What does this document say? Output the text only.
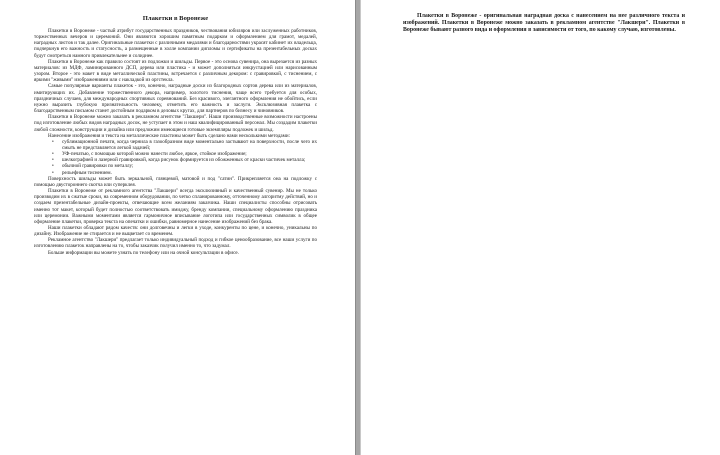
Плакетки в Воронеже

Плакетки в Воронеже - частый атрибут государственных праздников, чествования юбиляров или заслуженных работников, торжественных вечеров и церемоний. Они являются хорошим памятным подарком и оформлением для грамот, медалей, наградных листов и так далее. Оригинальные плакетки с различными медалями и благодарностями украсят кабинет их владельца, подчеркнув его важность и статусность, а размещенные в холле компании дипломы и сертификаты на презентабельных досках будут смотреться намного привлекательнее и солиднее.

Плакетки в Воронеже как правило состоят из подложки и шильды. Первое - это основа сувенира, она вырезается из разных материалов: из МДФ, ламинированного ДСП, дерева или пластика - и может дополняться инкрустацией или нарисованным узором. Второе - это макет в виде металлической пластины, встречается с различным декором: с гравировкой, с тиснением, с яркими "живыми" изображениями или с накладкой из оргстекла.

Самые популярные варианты плакеток - это, конечно, наградные доски из благородных сортов дерева или из материалов, имитирующих их. Добавление торжественного декора, например, золотого тиснения, чаще всего требуется для особых, праздничных случаев, для международных спортивных соревнований. Без красивого, элегантного оформления не обойтись, если нужно выразить глубокую признательность человеку, отметить его важность и заслуги. Эксклюзивная плакетка с благодарственным письмом станет достойным подарком в деловых кругах, для партнеров по бизнесу и чиновников.

Плакетки в Воронеже можно заказать в рекламном агентстве "Лакшери". Наши производственные возможности настроены под изготовление любых видов наградных досок, не уступает в этом и наш квалифицированный персонал. Мы создадим плакетки любой сложности, конструкции и дизайна или предложим имеющиеся готовые экземпляры подложек и шильд.

Нанесение изображения и текста на металлические пластины может быть сделано нами несколькими методами:

• сублимационной печати, когда чернила в газообразном виде моментально застывают на поверхности, после чего их смыть не представляется легкой задачей;
• УФ-печатью, с помощью которой можно нанести любое, яркое, стойкое изображение;
• шелкографией и лазерной гравировкой, когда рисунок формируется из обожженных от краски частичек металла;
• обычной гравировки по металлу;
• рельефным тиснением.

Поверхность шильды может быть зеркальной, глянцевой, матовой и под "сатин". Прикрепляется она на подложку с помощью двустороннего скотча или суперклея.

Плакетки в Воронеже от рекламного агентства "Лакшери" всегда эксклюзивный и качественный сувенир. Мы не только производим их в сжатые сроки, на современном оборудовании, по четко спланированному, отточенному алгоритму действий, но и создаем презентабельные дизайн-проекты, отвечающие всем желаниям заказчика. Наши специалисты способны отрисовать именно тот макет, который будет полностью соответствовать имиджу, бренду компании, специальному оформлению праздника или церемонии. Важными моментами является гармоничное вписывание логотипа или государственных символик в общее оформление плакетки, проверка текста на опечатки и ошибки, равномерное нанесение изображений без брака.

Наши плакетки обладают рядом качеств: они долговечны и легки в уходе, конкуренты по цене, и конечно, уникальны по дизайну. Изображение не стирается и не выцветает со временем.

Рекламное агентство "Лакшери" предлагает только индивидуальный подход и гибкое ценообразование, все наши услуги по изготовлению плакеток направлены на то, чтобы заказчик получил именно то, что задумал.

Больше информации вы можете узнать по телефону или на очной консультации в офисе.

Плакетки в Воронеже - оригинальная наградная доска с нанесением на нее различного текста и изображений. Плакетки в Воронеже можно заказать в рекламном агентстве "Лакшери". Плакетки в Воронеже бывают разного вида и оформления в зависимости от того, по какому случаю, изготовлены.
